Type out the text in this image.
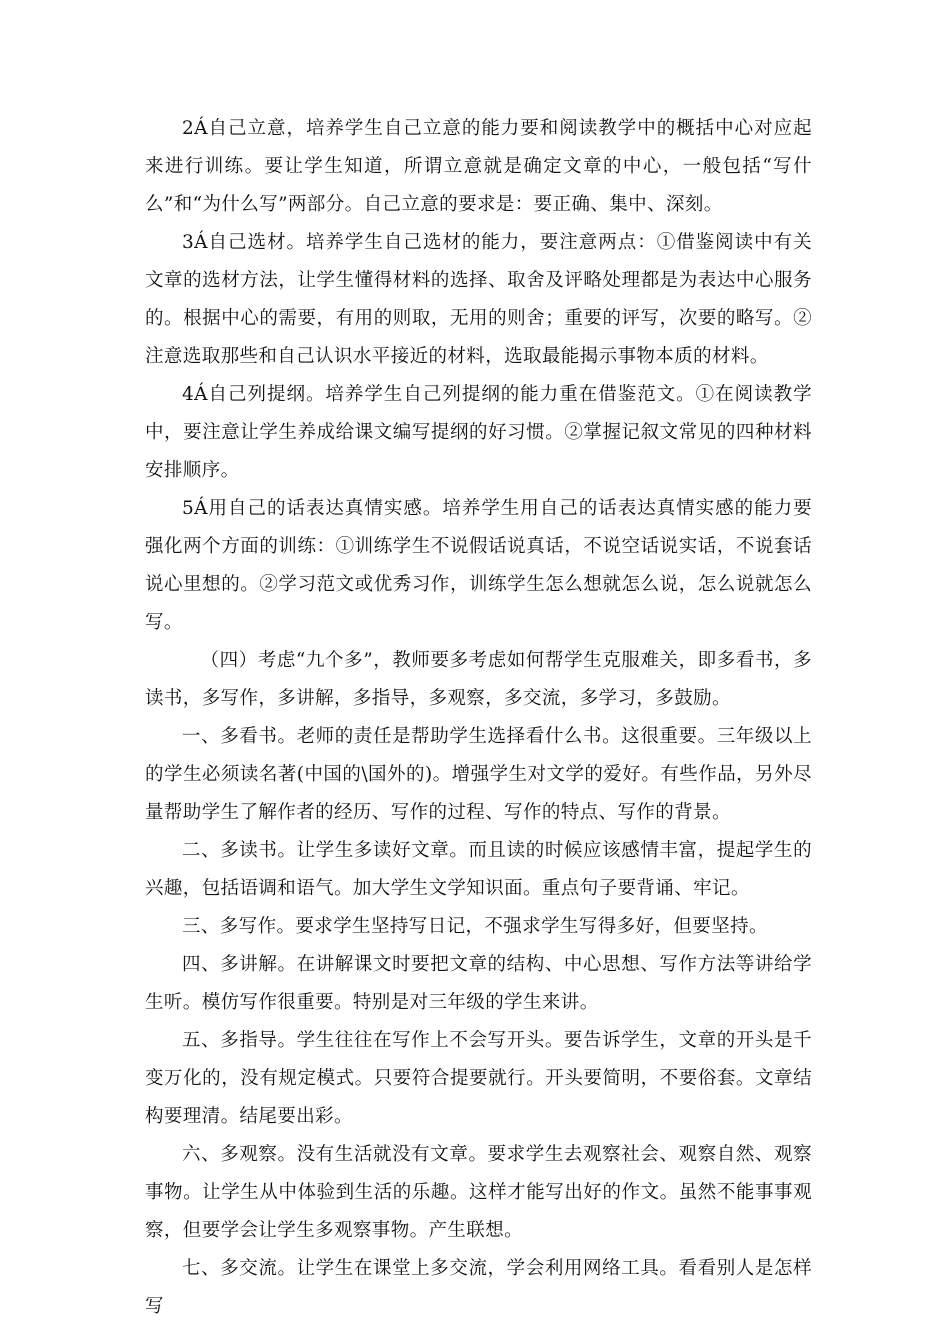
2Á自己立意，培养学生自己立意的能力要和阅读教学中的概括中心对应起来进行训练。要让学生知道，所谓立意就是确定文章的中心，一般包括“写什么”和“为什么写”两部分。自己立意的要求是：要正确、集中、深刻。

3Á自己选材。培养学生自己选材的能力，要注意两点：①借鉴阅读中有关文章的选材方法，让学生懂得材料的选择、取舍及评略处理都是为表达中心服务的。根据中心的需要，有用的则取，无用的则舍；重要的评写，次要的略写。②注意选取那些和自己认识水平接近的材料，选取最能揭示事物本质的材料。

4Á自己列提纲。培养学生自己列提纲的能力重在借鉴范文。①在阅读教学中，要注意让学生养成给课文编写提纲的好习惯。②掌握记叙文常见的四种材料安排顺序。

5Á用自己的话表达真情实感。培养学生用自己的话表达真情实感的能力要强化两个方面的训练：①训练学生不说假话说真话，不说空话说实话，不说套话说心里想的。②学习范文或优秀习作，训练学生怎么想就怎么说，怎么说就怎么写。

（四）考虑“九个多”，教师要多考虑如何帮学生克服难关，即多看书，多读书，多写作，多讲解，多指导，多观察，多交流，多学习，多鼓励。

一、多看书。老师的责任是帮助学生选择看什么书。这很重要。三年级以上的学生必须读名著(中国的\国外的)。增强学生对文学的爱好。有些作品，另外尽量帮助学生了解作者的经历、写作的过程、写作的特点、写作的背景。

二、多读书。让学生多读好文章。而且读的时候应该感情丰富，提起学生的兴趣，包括语调和语气。加大学生文学知识面。重点句子要背诵、牢记。

三、多写作。要求学生坚持写日记，不强求学生写得多好，但要坚持。

四、多讲解。在讲解课文时要把文章的结构、中心思想、写作方法等讲给学生听。模仿写作很重要。特别是对三年级的学生来讲。

五、多指导。学生往往在写作上不会写开头。要告诉学生，文章的开头是千变万化的，没有规定模式。只要符合提要就行。开头要简明，不要俗套。文章结构要理清。结尾要出彩。

六、多观察。没有生活就没有文章。要求学生去观察社会、观察自然、观察事物。让学生从中体验到生活的乐趣。这样才能写出好的作文。虽然不能事事观察，但要学会让学生多观察事物。产生联想。

七、多交流。让学生在课堂上多交流，学会利用网络工具。看看别人是怎样写
